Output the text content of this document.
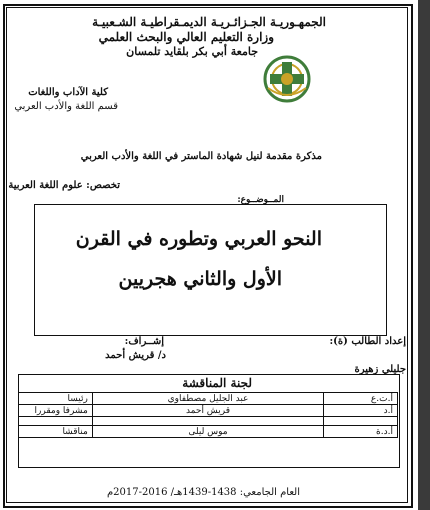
الجمهـوريـة الجـزائـريـة الديمـقراطيـة الشـعبيـة
وزارة التعليم العالي والبحث العلمي
جامعة أبي بكر بلقايد تلمسان
كلية الآداب واللغات
قسم اللغة والأدب العربي
مذكرة مقدمة لنيل شهادة الماستر في اللغة والأدب العربي
تخصص: علوم اللغة العربية
المــوضــوع:
النحو العربي وتطوره في القرن
الأول والثاني هجريين
إعداد الطالب (ة):
إشــراف:
د/ قريش أحمد
جليلي زهيرة
لجنة المناقشة
أ.ت.ع	عبد الجليل مصطفاوي	رئيسا
أ.د	قريش أحمد	مشرفا ومقررا

أ.د.ة	موس ليلى	مناقشا
العام الجامعي: 1438-1439هـ/ 2016-2017م
